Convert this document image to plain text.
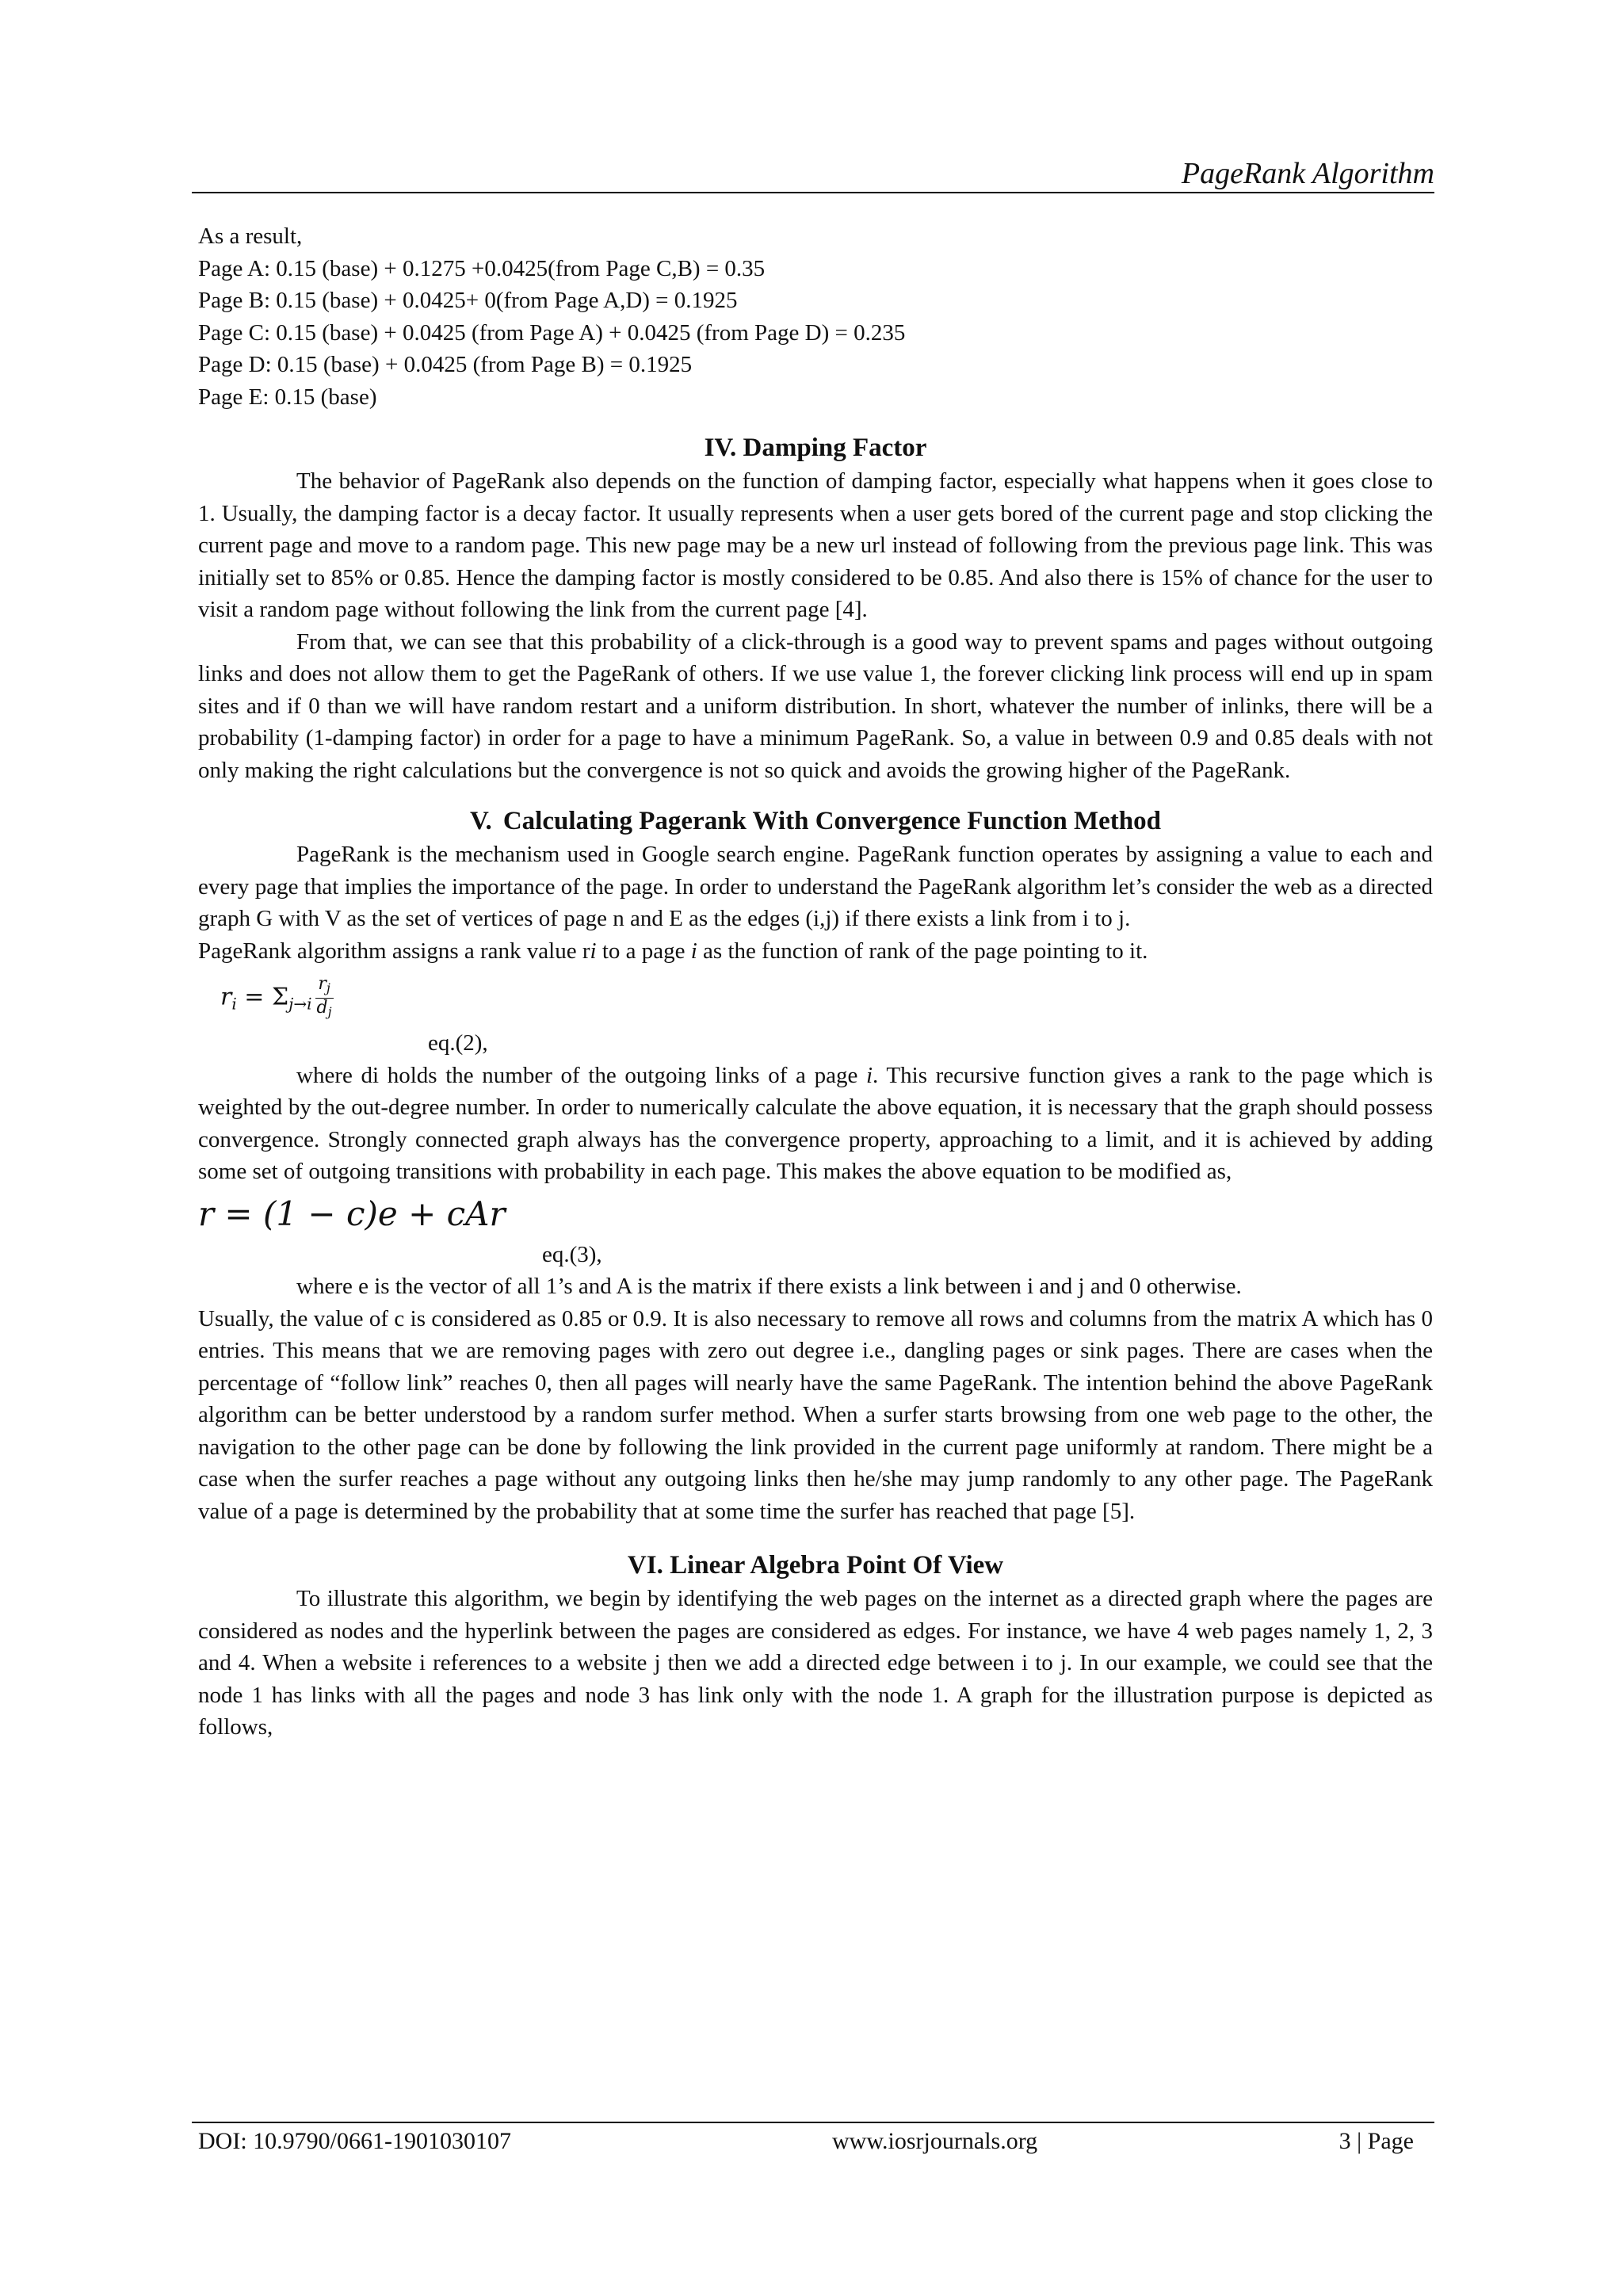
PageRank Algorithm
As a result,
Page A: 0.15 (base) + 0.1275 +0.0425(from Page C,B) = 0.35
Page B: 0.15 (base) + 0.0425+ 0(from Page A,D) = 0.1925
Page C: 0.15 (base) + 0.0425 (from Page A) + 0.0425 (from Page D) = 0.235
Page D: 0.15 (base) + 0.0425 (from Page B) = 0.1925
Page E: 0.15 (base)
IV. Damping Factor

The behavior of PageRank also depends on the function of damping factor, especially what happens when it goes close to 1. Usually, the damping factor is a decay factor. It usually represents when a user gets bored of the current page and stop clicking the current page and move to a random page. This new page may be a new url instead of following from the previous page link. This was initially set to 85% or 0.85. Hence the damping factor is mostly considered to be 0.85. And also there is 15% of chance for the user to visit a random page without following the link from the current page [4].

From that, we can see that this probability of a click-through is a good way to prevent spams and pages without outgoing links and does not allow them to get the PageRank of others. If we use value 1, the forever clicking link process will end up in spam sites and if 0 than we will have random restart and a uniform distribution. In short, whatever the number of inlinks, there will be a probability (1-damping factor) in order for a page to have a minimum PageRank. So, a value in between 0.9 and 0.85 deals with not only making the right calculations but the convergence is not so quick and avoids the growing higher of the PageRank.

V. Calculating Pagerank With Convergence Function Method

PageRank is the mechanism used in Google search engine. PageRank function operates by assigning a value to each and every page that implies the importance of the page. In order to understand the PageRank algorithm let’s consider the web as a directed graph G with V as the set of vertices of page n and E as the edges (i,j) if there exists a link from i to j.

PageRank algorithm assigns a rank value ri to a page i as the function of rank of the page pointing to it.

$r_i = \Sigma_{j\to i} \frac{r_j}{d_j}$
eq.(2),

where di holds the number of the outgoing links of a page i. This recursive function gives a rank to the page which is weighted by the out-degree number. In order to numerically calculate the above equation, it is necessary that the graph should possess convergence. Strongly connected graph always has the convergence property, approaching to a limit, and it is achieved by adding some set of outgoing transitions with probability in each page. This makes the above equation to be modified as,

r = (1 − c)e + cAr
eq.(3),

where e is the vector of all 1’s and A is the matrix if there exists a link between i and j and 0 otherwise.

Usually, the value of c is considered as 0.85 or 0.9. It is also necessary to remove all rows and columns from the matrix A which has 0 entries. This means that we are removing pages with zero out degree i.e., dangling pages or sink pages. There are cases when the percentage of “follow link” reaches 0, then all pages will nearly have the same PageRank. The intention behind the above PageRank algorithm can be better understood by a random surfer method. When a surfer starts browsing from one web page to the other, the navigation to the other page can be done by following the link provided in the current page uniformly at random. There might be a case when the surfer reaches a page without any outgoing links then he/she may jump randomly to any other page. The PageRank value of a page is determined by the probability that at some time the surfer has reached that page [5].

VI. Linear Algebra Point Of View

To illustrate this algorithm, we begin by identifying the web pages on the internet as a directed graph where the pages are considered as nodes and the hyperlink between the pages are considered as edges. For instance, we have 4 web pages namely 1, 2, 3 and 4. When a website i references to a website j then we add a directed edge between i to j. In our example, we could see that the node 1 has links with all the pages and node 3 has link only with the node 1. A graph for the illustration purpose is depicted as follows,

DOI: 10.9790/0661-1901030107	www.iosrjournals.org	3 | Page
